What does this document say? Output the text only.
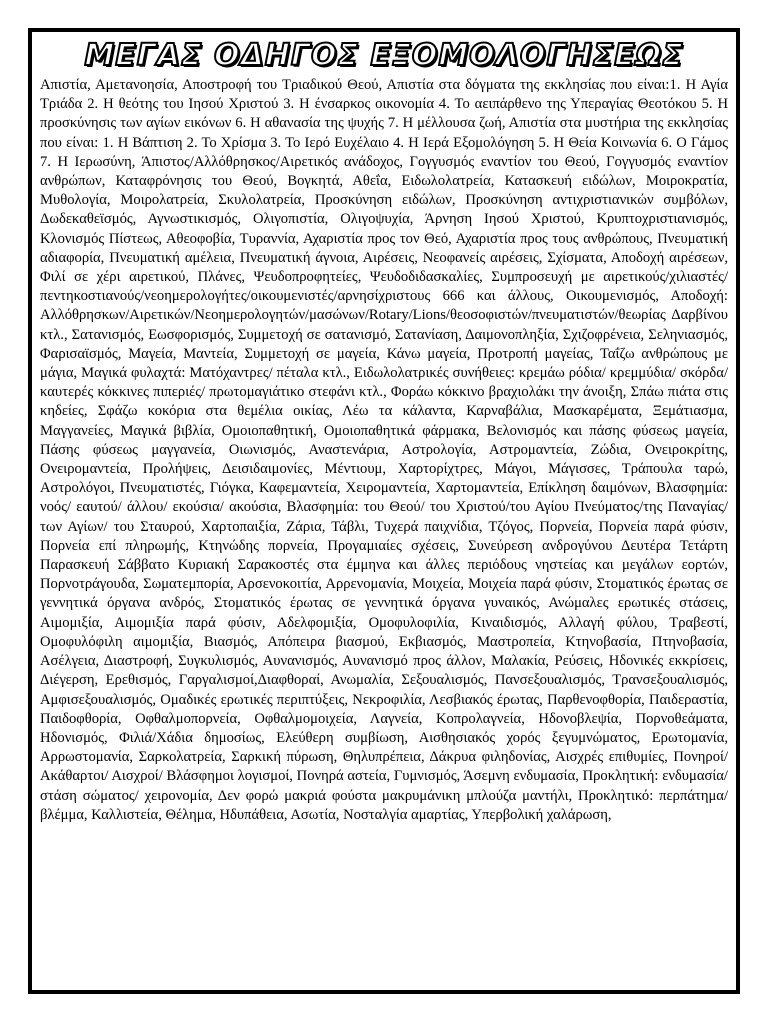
ΜΕΓΑΣ ΟΔΗΓΟΣ ΕΞΟΜΟΛΟΓΗΣΕΩΣ
Απιστία, Αμετανοησία, Αποστροφή του Τριαδικού Θεού, Απιστία στα δόγματα της εκκλησίας που είναι:1. Η Αγία Τριάδα 2. Η θεότης του Ιησού Χριστού 3. Η ένσαρκος οικονομία 4. Το αειπάρθενο της Υπεραγίας Θεοτόκου 5. Η προσκύνησις των αγίων εικόνων 6. Η αθανασία της ψυχής 7. Η μέλλουσα ζωή, Απιστία στα μυστήρια της εκκλησίας που είναι: 1. Η Βάπτιση 2. Το Χρίσμα 3. Το Ιερό Ευχέλαιο 4. Η Ιερά Εξομολόγηση 5. Η Θεία Κοινωνία 6. Ο Γάμος 7. Η Ιερωσύνη, Άπιστος/Αλλόθρησκος/Αιρετικός ανάδοχος, Γογγυσμός εναντίον του Θεού, Γογγυσμός εναντίον ανθρώπων, Καταφρόνησις του Θεού, Βογκητά, Αθεΐα, Ειδωλολατρεία, Κατασκευή ειδώλων, Μοιροκρατία, Μυθολογία, Μοιρολατρεία, Σκυλολατρεία, Προσκύνηση ειδώλων, Προσκύνηση αντιχριστιανικών συμβόλων, Δωδεκαθεϊσμός, Αγνωστικισμός, Ολιγοπιστία, Ολιγοψυχία, Άρνηση Ιησού Χριστού, Κρυπτοχριστιανισμός, Κλονισμός Πίστεως, Αθεοφοβία, Τυραννία, Αχαριστία προς τον Θεό, Αχαριστία προς τους ανθρώπους, Πνευματική αδιαφορία, Πνευματική αμέλεια, Πνευματική άγνοια, Αιρέσεις, Νεοφανείς αιρέσεις, Σχίσματα, Αποδοχή αιρέσεων, Φιλί σε χέρι αιρετικού, Πλάνες, Ψευδοπροφητείες, Ψευδοδιδασκαλίες, Συμπροσευχή με αιρετικούς/χιλιαστές/πεντηκοστιανούς/νεοημερολογήτες/οικουμενιστές/αρνησίχριστους 666 και άλλους, Οικουμενισμός, Αποδοχή: Αλλόθρησκων/Αιρετικών/Νεοημερολογητών/μασώνων/Rotary/Lions/θεοσοφιστών/πνευματιστών/θεωρίας Δαρβίνου κτλ., Σατανισμός, Εωσφορισμός, Συμμετοχή σε σατανισμό, Σατανίαση, Δαιμονοπληξία, Σχιζοφρένεια, Σεληνιασμός, Φαρισαϊσμός, Μαγεία, Μαντεία, Συμμετοχή σε μαγεία, Κάνω μαγεία, Προτροπή μαγείας, Ταΐζω ανθρώπους με μάγια, Μαγικά φυλαχτά: Ματόχαντρες/ πέταλα κτλ., Ειδωλολατρικές συνήθειες: κρεμάω ρόδια/ κρεμμύδια/ σκόρδα/ καυτερές κόκκινες πιπεριές/ πρωτομαγιάτικο στεφάνι κτλ., Φοράω κόκκινο βραχιολάκι την άνοιξη, Σπάω πιάτα στις κηδείες, Σφάζω κοκόρια στα θεμέλια οικίας, Λέω τα κάλαντα, Καρναβάλια, Μασκαρέματα, Ξεμάτιασμα, Μαγγανείες, Μαγικά βιβλία, Ομοιοπαθητική, Ομοιοπαθητικά φάρμακα, Βελονισμός και πάσης φύσεως μαγεία, Πάσης φύσεως μαγγανεία, Οιωνισμός, Αναστενάρια, Αστρολογία, Αστρομαντεία, Ζώδια, Ονειροκρίτης, Ονειρομαντεία, Προλήψεις, Δεισιδαιμονίες, Μέντιουμ, Χαρτορίχτρες, Μάγοι, Μάγισσες, Τράπουλα ταρώ, Αστρολόγοι, Πνευματιστές, Γιόγκα, Καφεμαντεία, Χειρομαντεία, Χαρτομαντεία, Επίκληση δαιμόνων, Βλασφημία: νοός/ εαυτού/ άλλου/ εκούσια/ ακούσια, Βλασφημία: του Θεού/ του Χριστού/του Αγίου Πνεύματος/της Παναγίας/ των Αγίων/ του Σταυρού, Χαρτοπαιξία, Ζάρια, Τάβλι, Τυχερά παιχνίδια, Τζόγος, Πορνεία, Πορνεία παρά φύσιν, Πορνεία επί πληρωμής, Κτηνώδης πορνεία, Προγαμιαίες σχέσεις, Συνεύρεση ανδρογύνου Δευτέρα Τετάρτη Παρασκευή Σάββατο Κυριακή Σαρακοστές στα έμμηνα και άλλες περιόδους νηστείας και μεγάλων εορτών, Πορνοτράγουδα, Σωματεμπορία, Αρσενοκοιτία, Αρρενομανία, Μοιχεία, Μοιχεία παρά φύσιν, Στοματικός έρωτας σε γεννητικά όργανα ανδρός, Στοματικός έρωτας σε γεννητικά όργανα γυναικός, Ανώμαλες ερωτικές στάσεις, Αιμομιξία, Αιμομιξία παρά φύσιν, Αδελφομιξία, Ομοφυλοφιλία, Κιναιδισμός, Αλλαγή φύλου, Τραβεστί, Ομοφυλόφιλη αιμομιξία, Βιασμός, Απόπειρα βιασμού, Εκβιασμός, Μαστροπεία, Κτηνοβασία, Πτηνοβασία, Ασέλγεια, Διαστροφή, Συγκυλισμός, Αυνανισμός, Αυνανισμό προς άλλον, Μαλακία, Ρεύσεις, Ηδονικές εκκρίσεις, Διέγερση, Ερεθισμός, Γαργαλισμοί,Διαφθοραί, Ανωμαλία, Σεξουαλισμός, Πανσεξουαλισμός, Τρανσεξουαλισμός, Αμφισεξουαλισμός, Ομαδικές ερωτικές περιπτύξεις, Νεκροφιλία, Λεσβιακός έρωτας, Παρθενοφθορία, Παιδεραστία, Παιδοφθορία, Οφθαλμοπορνεία, Οφθαλμομοιχεία, Λαγνεία, Κοπρολαγνεία, Ηδονοβλεψία, Πορνοθεάματα, Ηδονισμός, Φιλιά/Χάδια δημοσίως, Ελεύθερη συμβίωση, Αισθησιακός χορός ξεγυμνώματος, Ερωτομανία, Αρρωστομανία, Σαρκολατρεία, Σαρκική πύρωση, Θηλυπρέπεια, Δάκρυα φιληδονίας, Αισχρές επιθυμίες, Πονηροί/ Ακάθαρτοι/ Αισχροί/ Βλάσφημοι λογισμοί, Πονηρά αστεία, Γυμνισμός, Άσεμνη ενδυμασία, Προκλητική: ενδυμασία/ στάση σώματος/ χειρονομία, Δεν φορώ μακριά φούστα μακρυμάνικη μπλούζα μαντήλι, Προκλητικό: περπάτημα/ βλέμμα, Καλλιστεία, Θέλημα, Ηδυπάθεια, Ασωτία, Νοσταλγία αμαρτίας, Υπερβολική χαλάρωση,
